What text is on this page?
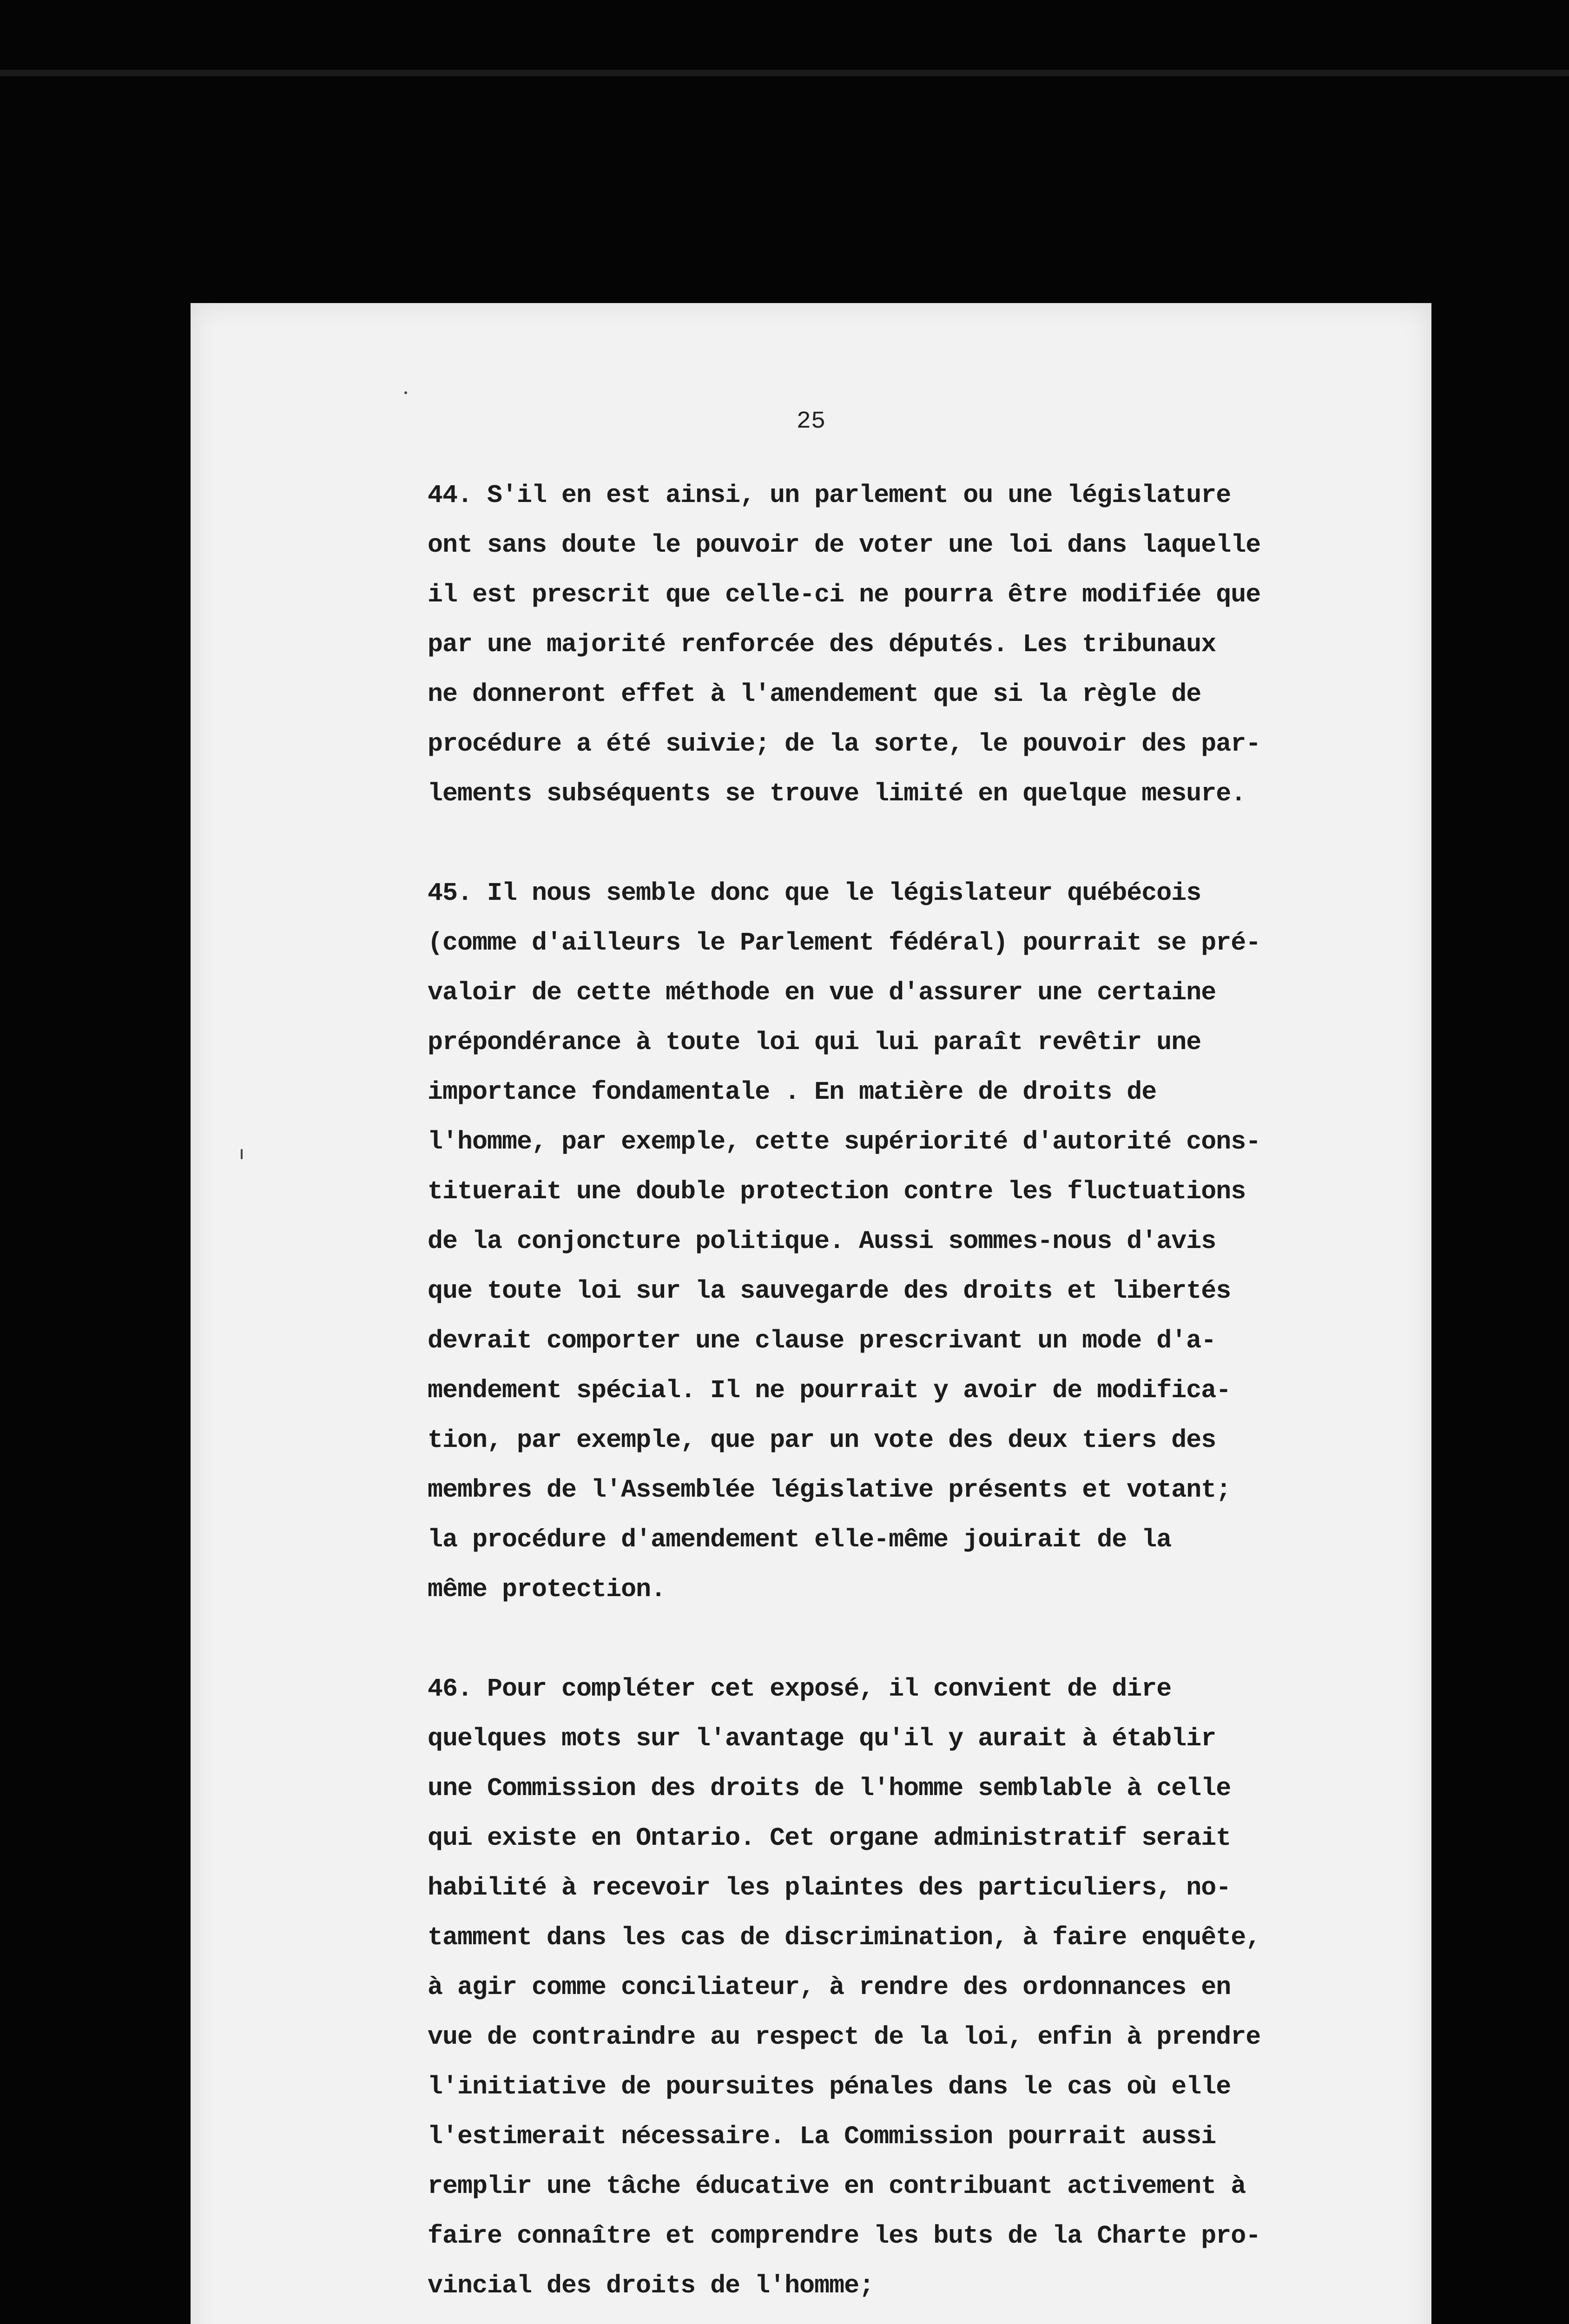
25
44. S'il en est ainsi, un parlement ou une législature
ont sans doute le pouvoir de voter une loi dans laquelle
il est prescrit que celle-ci ne pourra être modifiée que
par une majorité renforcée des députés. Les tribunaux
ne donneront effet à l'amendement que si la règle de
procédure a été suivie; de la sorte, le pouvoir des par-
lements subséquents se trouve limité en quelque mesure.
45. Il nous semble donc que le législateur québécois
(comme d'ailleurs le Parlement fédéral) pourrait se pré-
valoir de cette méthode en vue d'assurer une certaine
prépondérance à toute loi qui lui paraît revêtir une
importance fondamentale . En matière de droits de
l'homme, par exemple, cette supériorité d'autorité cons-
tituerait une double protection contre les fluctuations
de la conjoncture politique. Aussi sommes-nous d'avis
que toute loi sur la sauvegarde des droits et libertés
devrait comporter une clause prescrivant un mode d'a-
mendement spécial. Il ne pourrait y avoir de modifica-
tion, par exemple, que par un vote des deux tiers des
membres de l'Assemblée législative présents et votant;
la procédure d'amendement elle-même jouirait de la
même protection.
46. Pour compléter cet exposé, il convient de dire
quelques mots sur l'avantage qu'il y aurait à établir
une Commission des droits de l'homme semblable à celle
qui existe en Ontario. Cet organe administratif serait
habilité à recevoir les plaintes des particuliers, no-
tamment dans les cas de discrimination, à faire enquête,
à agir comme conciliateur, à rendre des ordonnances en
vue de contraindre au respect de la loi, enfin à prendre
l'initiative de poursuites pénales dans le cas où elle
l'estimerait nécessaire. La Commission pourrait aussi
remplir une tâche éducative en contribuant activement à
faire connaître et comprendre les buts de la Charte pro-
vincial des droits de l'homme;
